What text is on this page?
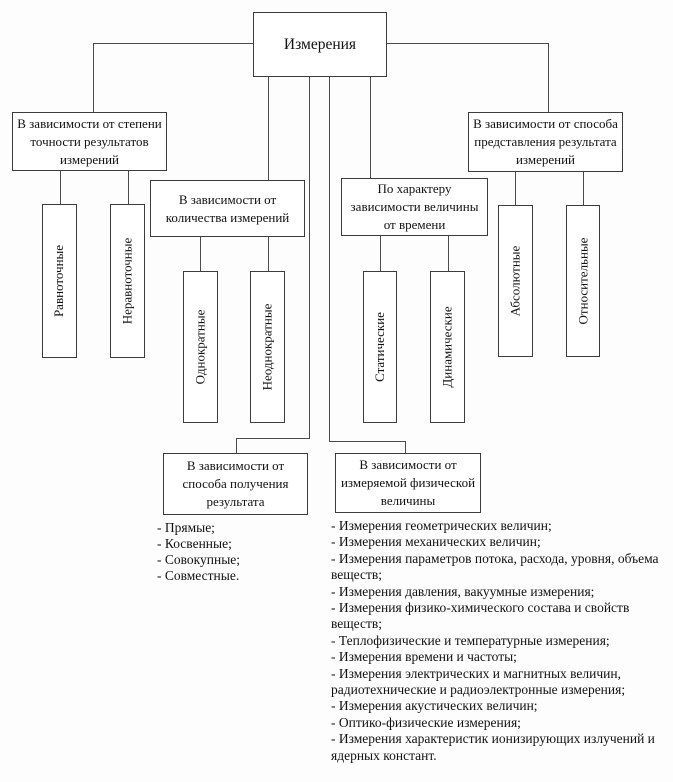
Измерения
В зависимости от степени точности результатов измерений
В зависимости от количества измерений
По характеру зависимости величины от времени
В зависимости от способа представления результата измерений
Равноточные	Неравноточные
Однократные	Неоднократные	Статические	Динамические
Абсолютные	Относительные
В зависимости от способа получения результата
В зависимости от измеряемой физической величины
- Прямые;
- Косвенные;
- Совокупные;
- Совместные.
- Измерения геометрических величин;
- Измерения механических величин;
- Измерения параметров потока, расхода, уровня, объема веществ;
- Измерения давления, вакуумные измерения;
- Измерения физико-химического состава и свойств веществ;
- Теплофизические и температурные измерения;
- Измерения времени и частоты;
- Измерения электрических и магнитных величин, радиотехнические и радиоэлектронные измерения;
- Измерения акустических величин;
- Оптико-физические измерения;
- Измерения характеристик ионизирующих излучений и ядерных констант.
